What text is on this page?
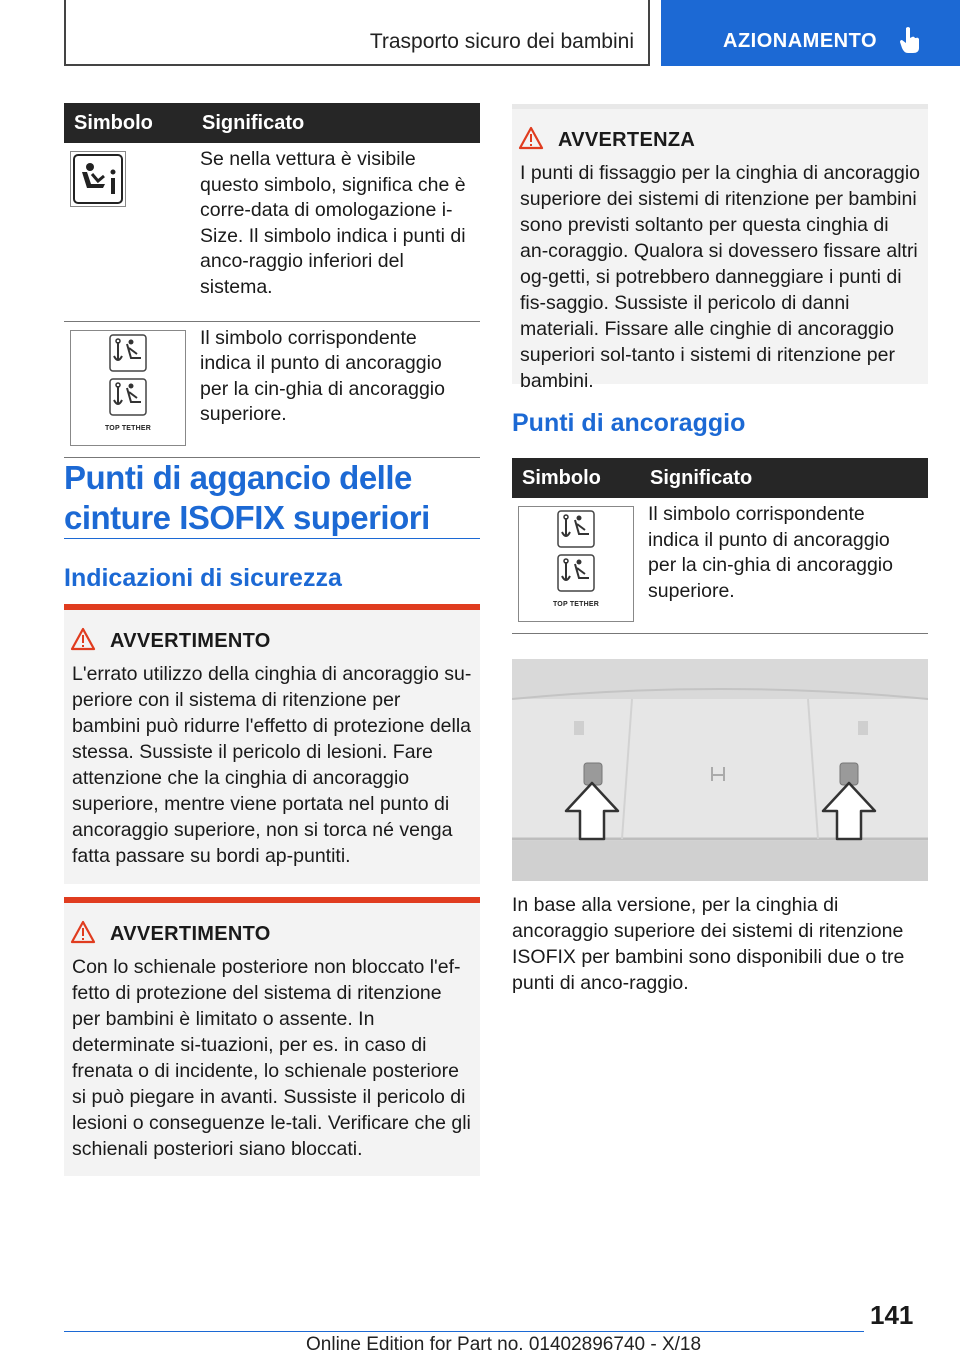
Trasporto sicuro dei bambini	AZIONAMENTO
Simbolo	Significato

	Se nella vettura è visibile questo simbolo, significa che è corre-data di omologazione i-Size. Il simbolo indica i punti di anco-raggio inferiori del sistema.

TOP TETHER	Il simbolo corrispondente indica il punto di ancoraggio per la cin-ghia di ancoraggio superiore.
Punti di aggancio delle cinture ISOFIX superiori
Indicazioni di sicurezza
AVVERTIMENTO

L'errato utilizzo della cinghia di ancoraggio su-periore con il sistema di ritenzione per bambini può ridurre l'effetto di protezione della stessa. Sussiste il pericolo di lesioni. Fare attenzione che la cinghia di ancoraggio superiore, mentre viene portata nel punto di ancoraggio superiore, non si torca né venga fatta passare su bordi ap-puntiti.

AVVERTIMENTO

Con lo schienale posteriore non bloccato l'ef-fetto di protezione del sistema di ritenzione per bambini è limitato o assente. In determinate si-tuazioni, per es. in caso di frenata o di incidente, lo schienale posteriore si può piegare in avanti. Sussiste il pericolo di lesioni o conseguenze le-tali. Verificare che gli schienali posteriori siano bloccati.

AVVERTENZA

I punti di fissaggio per la cinghia di ancoraggio superiore dei sistemi di ritenzione per bambini sono previsti soltanto per questa cinghia di an-coraggio. Qualora si dovessero fissare altri og-getti, si potrebbero danneggiare i punti di fis-saggio. Sussiste il pericolo di danni materiali. Fissare alle cinghie di ancoraggio superiori sol-tanto i sistemi di ritenzione per bambini.

Punti di ancoraggio
Simbolo	Significato

TOP TETHER	Il simbolo corrispondente indica il punto di ancoraggio per la cin-ghia di ancoraggio superiore.

In base alla versione, per la cinghia di ancoraggio superiore dei sistemi di ritenzione ISOFIX per bambini sono disponibili due o tre punti di anco-raggio.

141
Online Edition for Part no. 01402896740 - X/18
